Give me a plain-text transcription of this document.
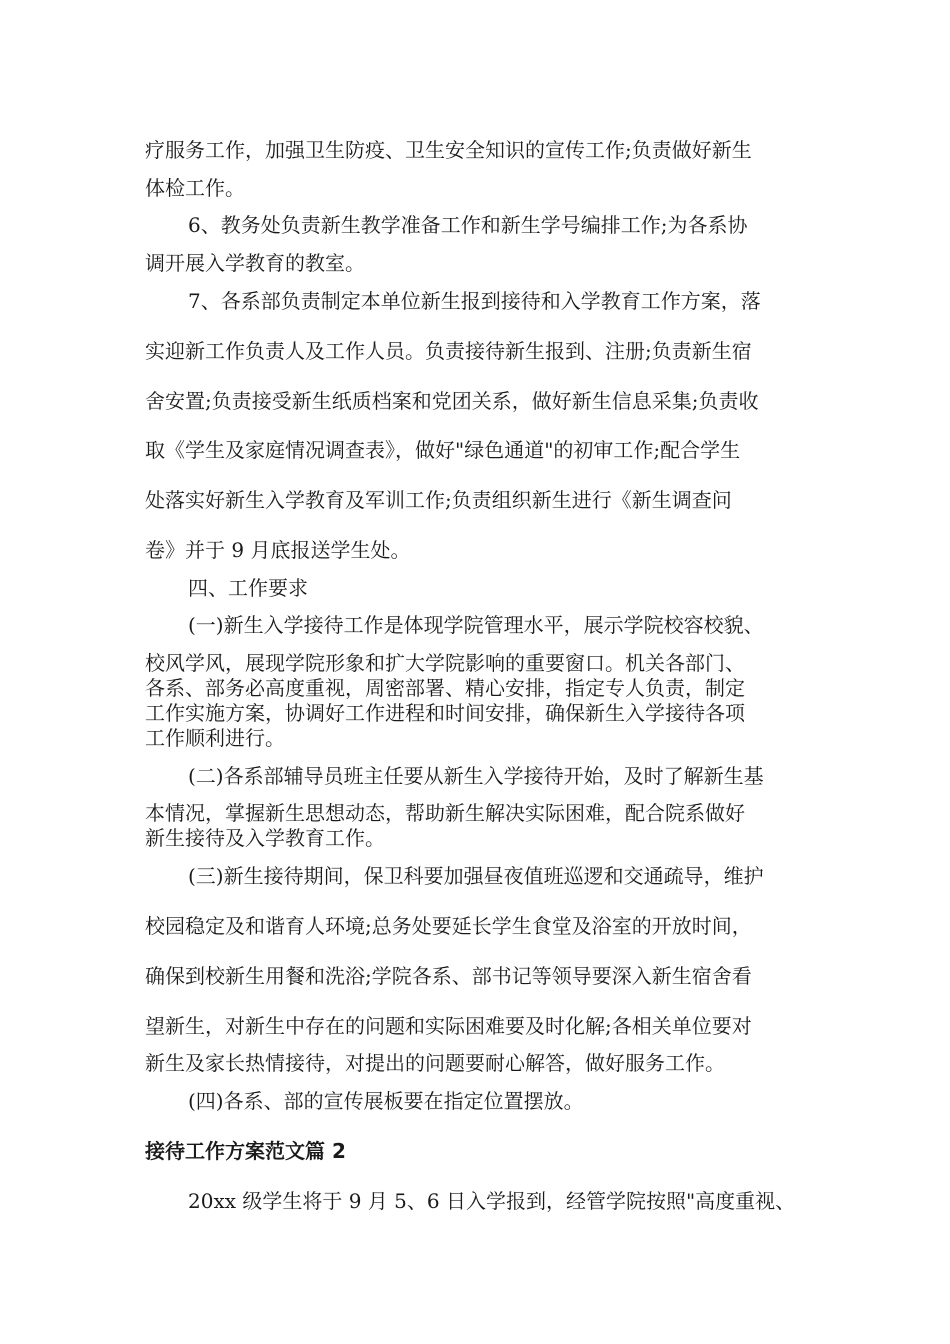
疗服务工作，加强卫生防疫、卫生安全知识的宣传工作;负责做好新生
体检工作。
6、教务处负责新生教学准备工作和新生学号编排工作;为各系协
调开展入学教育的教室。
7、各系部负责制定本单位新生报到接待和入学教育工作方案，落
实迎新工作负责人及工作人员。负责接待新生报到、注册;负责新生宿
舍安置;负责接受新生纸质档案和党团关系，做好新生信息采集;负责收
取《学生及家庭情况调查表》，做好"绿色通道"的初审工作;配合学生
处落实好新生入学教育及军训工作;负责组织新生进行《新生调查问
卷》并于 9 月底报送学生处。
四、工作要求
(一)新生入学接待工作是体现学院管理水平，展示学院校容校貌、
校风学风，展现学院形象和扩大学院影响的重要窗口。机关各部门、
各系、部务必高度重视，周密部署、精心安排，指定专人负责，制定
工作实施方案，协调好工作进程和时间安排，确保新生入学接待各项
工作顺利进行。
(二)各系部辅导员班主任要从新生入学接待开始，及时了解新生基
本情况，掌握新生思想动态，帮助新生解决实际困难，配合院系做好
新生接待及入学教育工作。
(三)新生接待期间，保卫科要加强昼夜值班巡逻和交通疏导，维护
校园稳定及和谐育人环境;总务处要延长学生食堂及浴室的开放时间，
确保到校新生用餐和洗浴;学院各系、部书记等领导要深入新生宿舍看
望新生，对新生中存在的问题和实际困难要及时化解;各相关单位要对
新生及家长热情接待，对提出的问题要耐心解答，做好服务工作。
(四)各系、部的宣传展板要在指定位置摆放。
接待工作方案范文篇 2
20xx 级学生将于 9 月 5、6 日入学报到，经管学院按照"高度重视、
